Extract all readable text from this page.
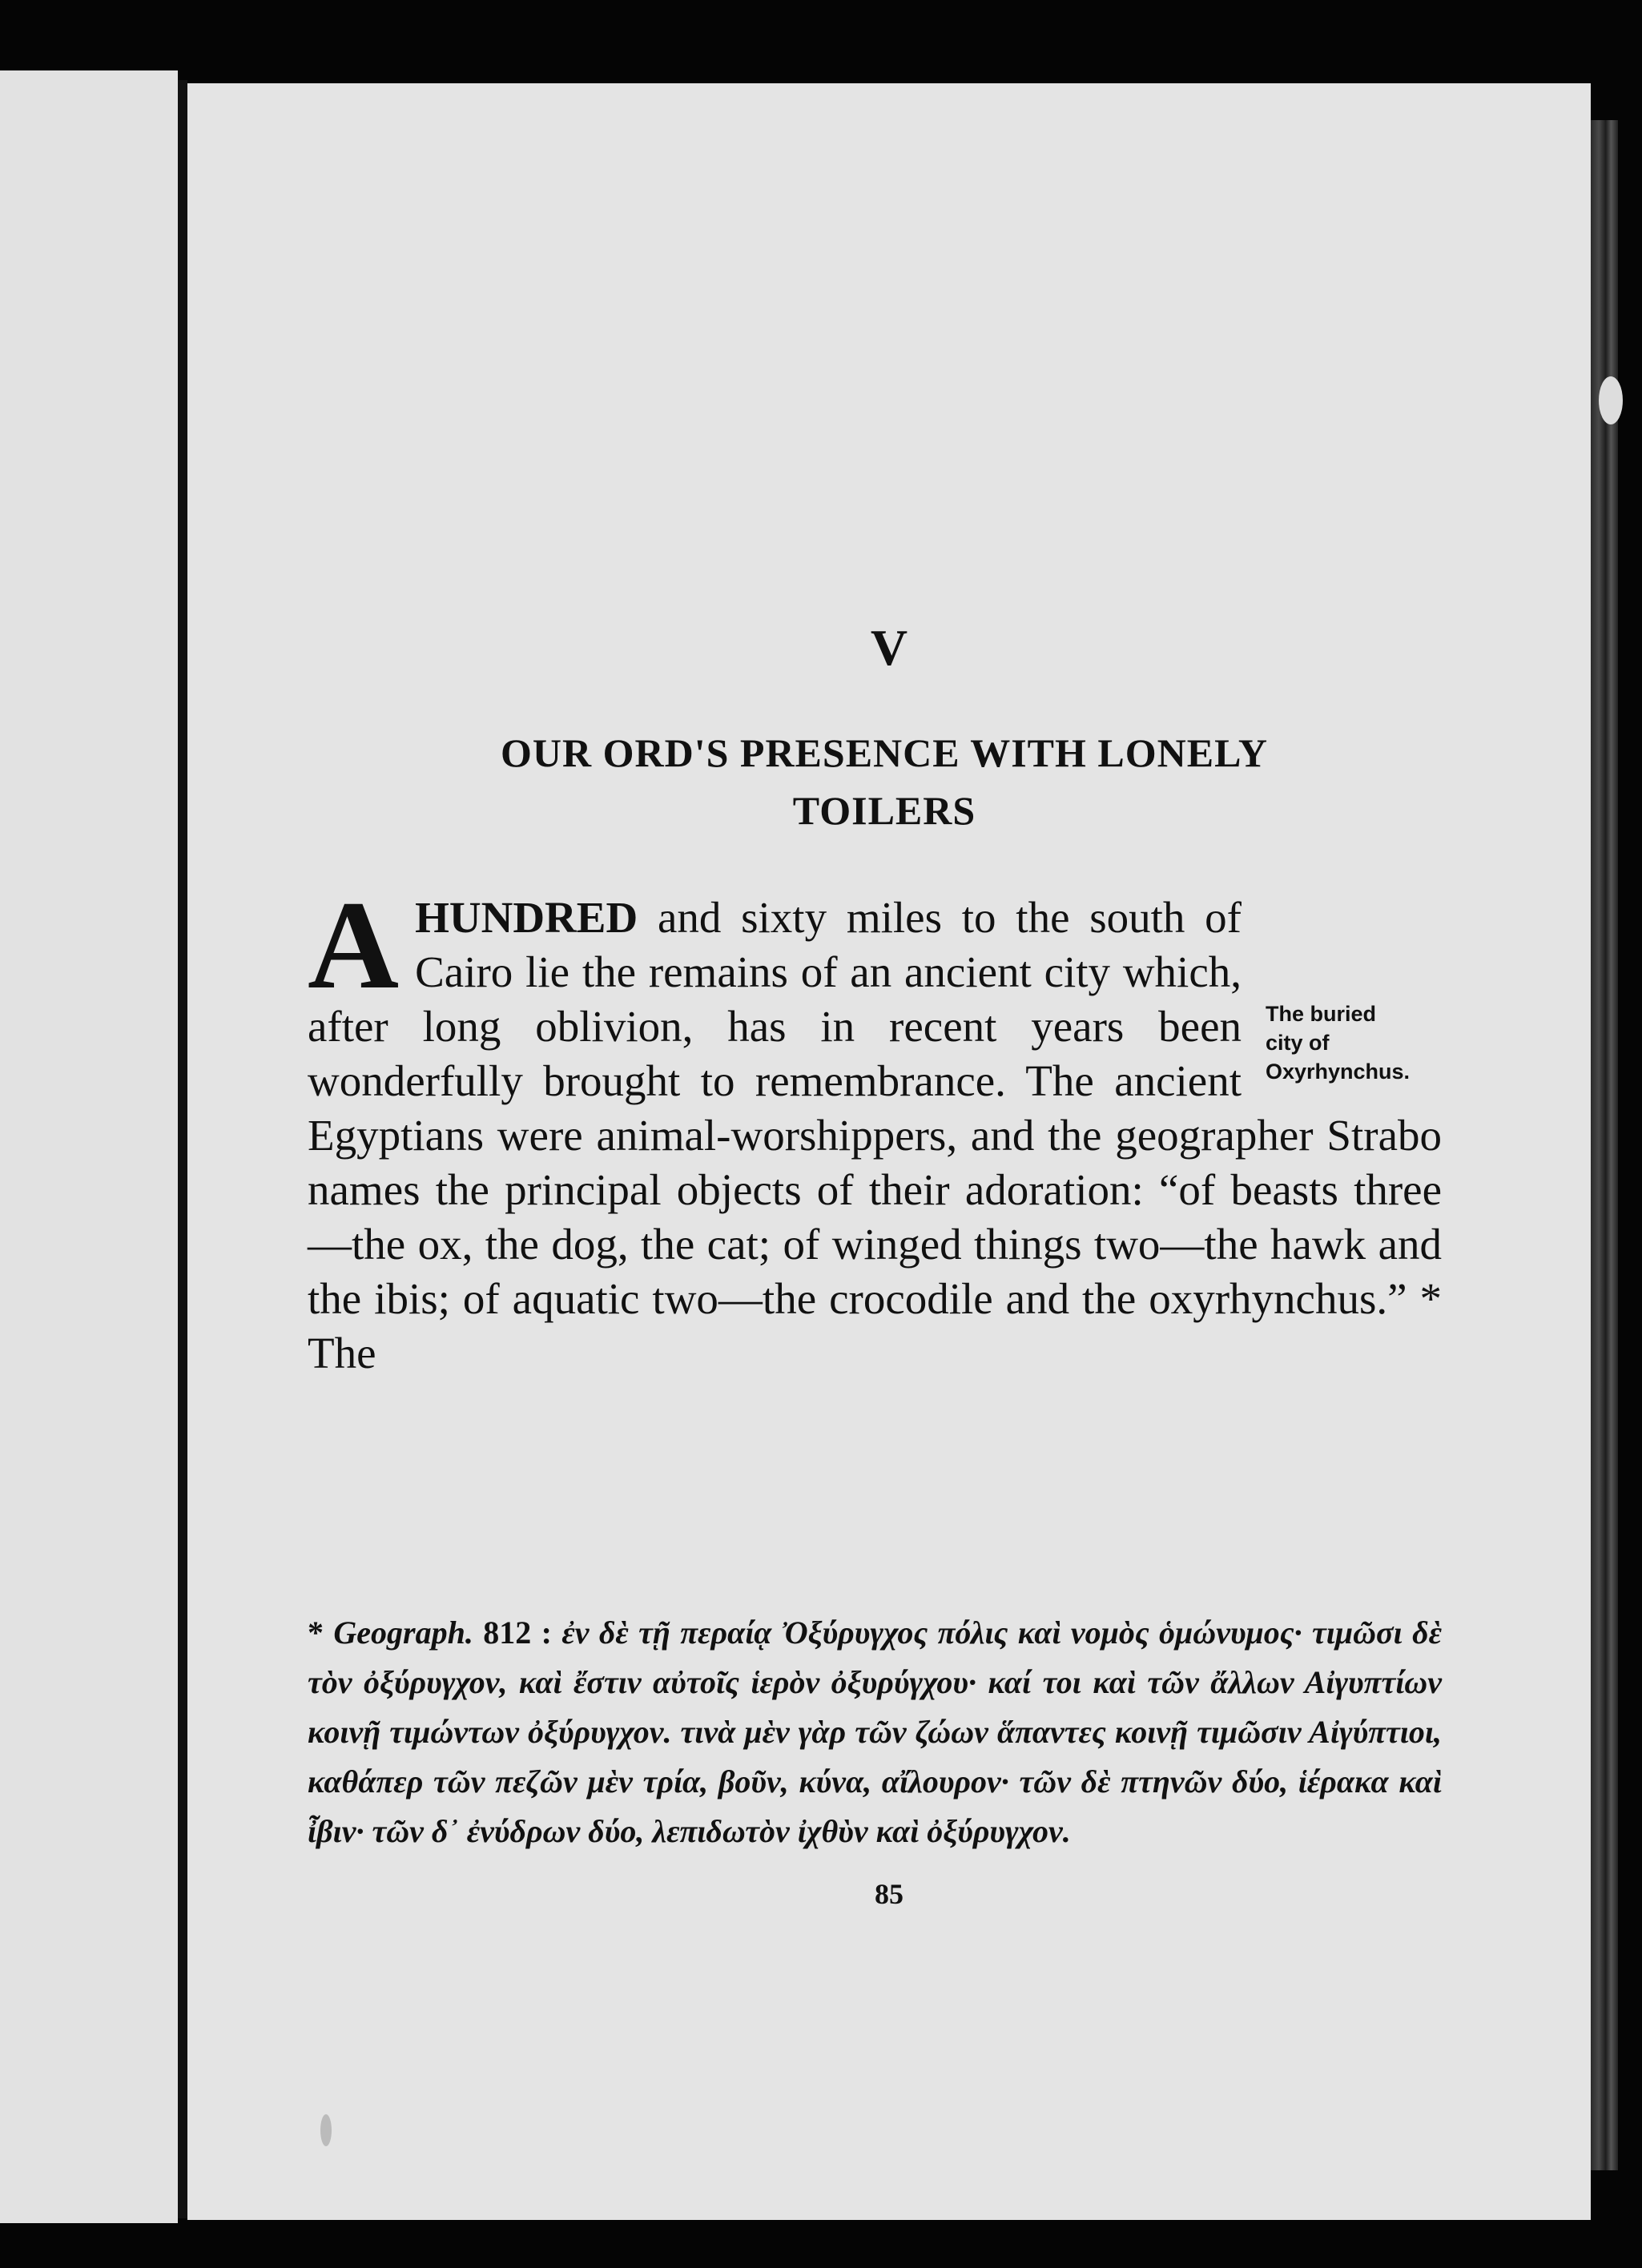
V
OUR ORD'S PRESENCE WITH LONELY
TOILERS
A	The buried
city of
Oxyrhynchus.
HUNDRED and sixty miles to the south of Cairo lie the remains of an ancient city which, after long oblivion, has in recent years been wonderfully brought to remembrance. The ancient Egyptians were animal-worshippers, and the geographer Strabo names the principal objects of their adoration: “of beasts three—the ox, the dog, the cat; of winged things two—the hawk and the ibis; of aquatic two—the crocodile and the oxyrhynchus.” * The
* Geograph. 812 : ἐν δὲ τῇ περαίᾳ Ὀξύρυγχος πόλις καὶ νομὸς ὁμώνυμος· τιμῶσι δὲ τὸν ὀξύρυγχον, καὶ ἔστιν αὐτοῖς ἱερὸν ὀξυρύγχου· καί τοι καὶ τῶν ἄλλων Αἰγυπτίων κοινῇ τιμώντων ὀξύρυγχον. τινὰ μὲν γὰρ τῶν ζώων ἅπαντες κοινῇ τιμῶσιν Αἰγύπτιοι, καθάπερ τῶν πεζῶν μὲν τρία, βοῦν, κύνα, αἴλουρον· τῶν δὲ πτηνῶν δύο, ἱέρακα καὶ ἶβιν· τῶν δ᾽ ἐνύδρων δύο, λεπιδωτὸν ἰχθὺν καὶ ὀξύρυγχον.
85
